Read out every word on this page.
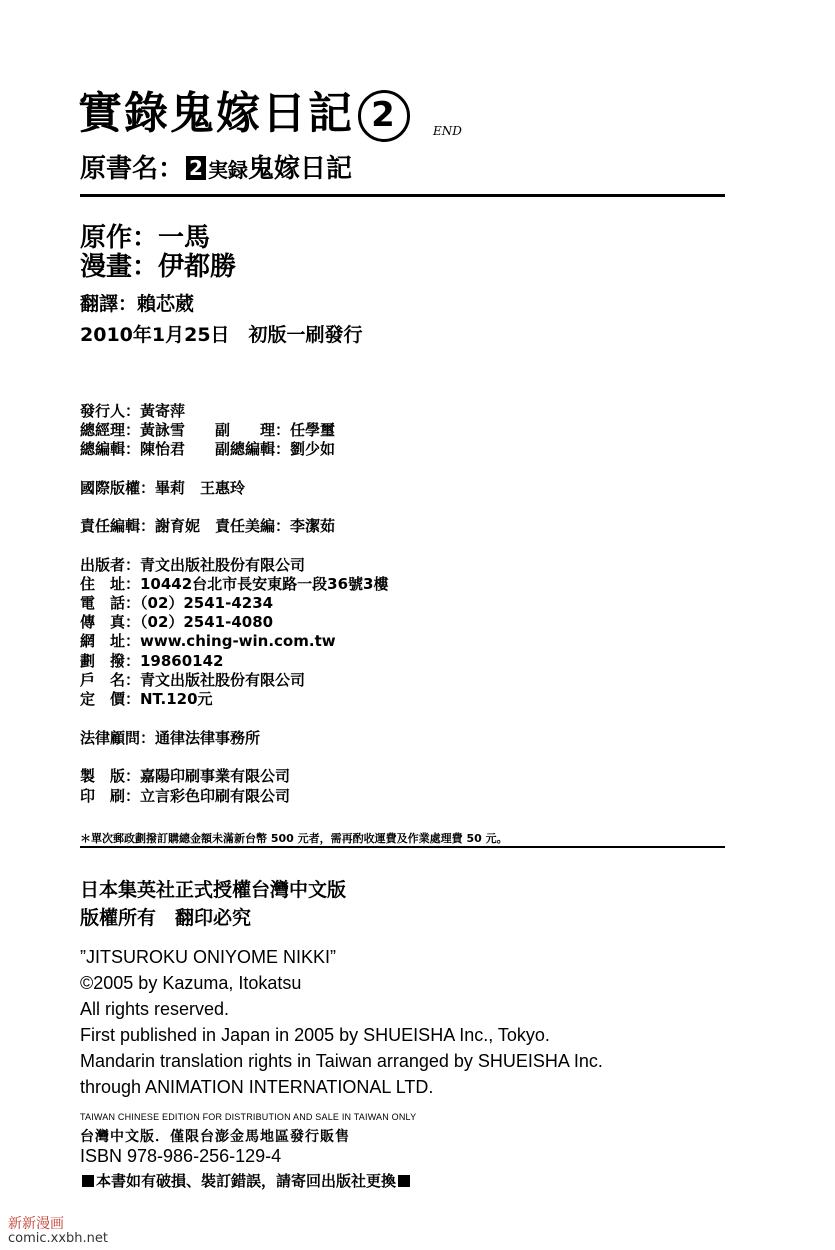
實錄鬼嫁日記 2	END
原書名： 2 実録鬼嫁日記
原作：一馬
漫畫：伊都勝
翻譯：賴芯葳
2010年1月25日　初版一刷發行
發行人：黃寄萍
總經理：黃詠雪　　副　　理：任學璽
總編輯：陳怡君　　副總編輯：劉少如
國際版權：畢莉　王惠玲
責任編輯：謝育妮　責任美編：李潔茹
出版者：青文出版社股份有限公司
住　址：10442台北市長安東路一段36號3樓
電　話：（02）2541-4234
傳　真：（02）2541-4080
網　址：www.ching-win.com.tw
劃　撥：19860142
戶　名：青文出版社股份有限公司
定　價：NT.120元
法律顧問：通律法律事務所
製　版：嘉陽印刷事業有限公司
印　刷：立言彩色印刷有限公司
＊單次郵政劃撥訂購總金額未滿新台幣 500 元者，需再酌收運費及作業處理費 50 元。
日本集英社正式授權台灣中文版
版權所有　翻印必究
”JITSUROKU ONIYOME NIKKI”
©2005 by Kazuma, Itokatsu
All rights reserved.
First published in Japan in 2005 by SHUEISHA Inc., Tokyo.
Mandarin translation rights in Taiwan arranged by SHUEISHA Inc.
through ANIMATION INTERNATIONAL LTD.
TAIWAN CHINESE EDITION FOR DISTRIBUTION AND SALE IN TAIWAN ONLY
台灣中文版．僅限台澎金馬地區發行販售
ISBN 978-986-256-129-4
本書如有破損、裝訂錯誤，請寄回出版社更換
新新漫画
comic.xxbh.net
